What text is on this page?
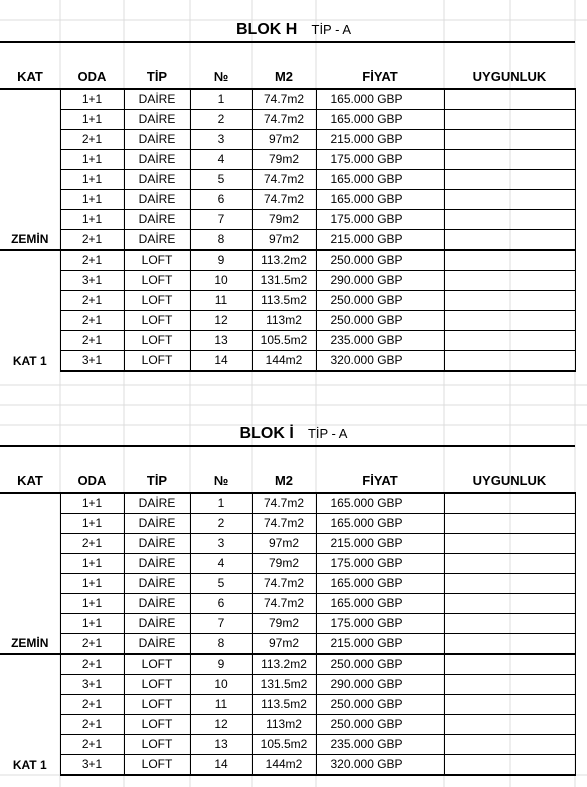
BLOK H TİP - A
KAT	ODA	TİP	№	M2	FİYAT	UYGUNLUK
ZEMİN	1+1	DAİRE	1	74.7m2	165.000 GBP	
	1+1	DAİRE	2	74.7m2	165.000 GBP	
	2+1	DAİRE	3	97m2	215.000 GBP	
	1+1	DAİRE	4	79m2	175.000 GBP	
	1+1	DAİRE	5	74.7m2	165.000 GBP	
	1+1	DAİRE	6	74.7m2	165.000 GBP	
	1+1	DAİRE	7	79m2	175.000 GBP	
	2+1	DAİRE	8	97m2	215.000 GBP	
KAT 1	2+1	LOFT	9	113.2m2	250.000 GBP	
	3+1	LOFT	10	131.5m2	290.000 GBP	
	2+1	LOFT	11	113.5m2	250.000 GBP	
	2+1	LOFT	12	113m2	250.000 GBP	
	2+1	LOFT	13	105.5m2	235.000 GBP	
	3+1	LOFT	14	144m2	320.000 GBP	
BLOK İ TİP - A
KAT	ODA	TİP	№	M2	FİYAT	UYGUNLUK
ZEMİN	1+1	DAİRE	1	74.7m2	165.000 GBP	
	1+1	DAİRE	2	74.7m2	165.000 GBP	
	2+1	DAİRE	3	97m2	215.000 GBP	
	1+1	DAİRE	4	79m2	175.000 GBP	
	1+1	DAİRE	5	74.7m2	165.000 GBP	
	1+1	DAİRE	6	74.7m2	165.000 GBP	
	1+1	DAİRE	7	79m2	175.000 GBP	
	2+1	DAİRE	8	97m2	215.000 GBP	
KAT 1	2+1	LOFT	9	113.2m2	250.000 GBP	
	3+1	LOFT	10	131.5m2	290.000 GBP	
	2+1	LOFT	11	113.5m2	250.000 GBP	
	2+1	LOFT	12	113m2	250.000 GBP	
	2+1	LOFT	13	105.5m2	235.000 GBP	
	3+1	LOFT	14	144m2	320.000 GBP	
